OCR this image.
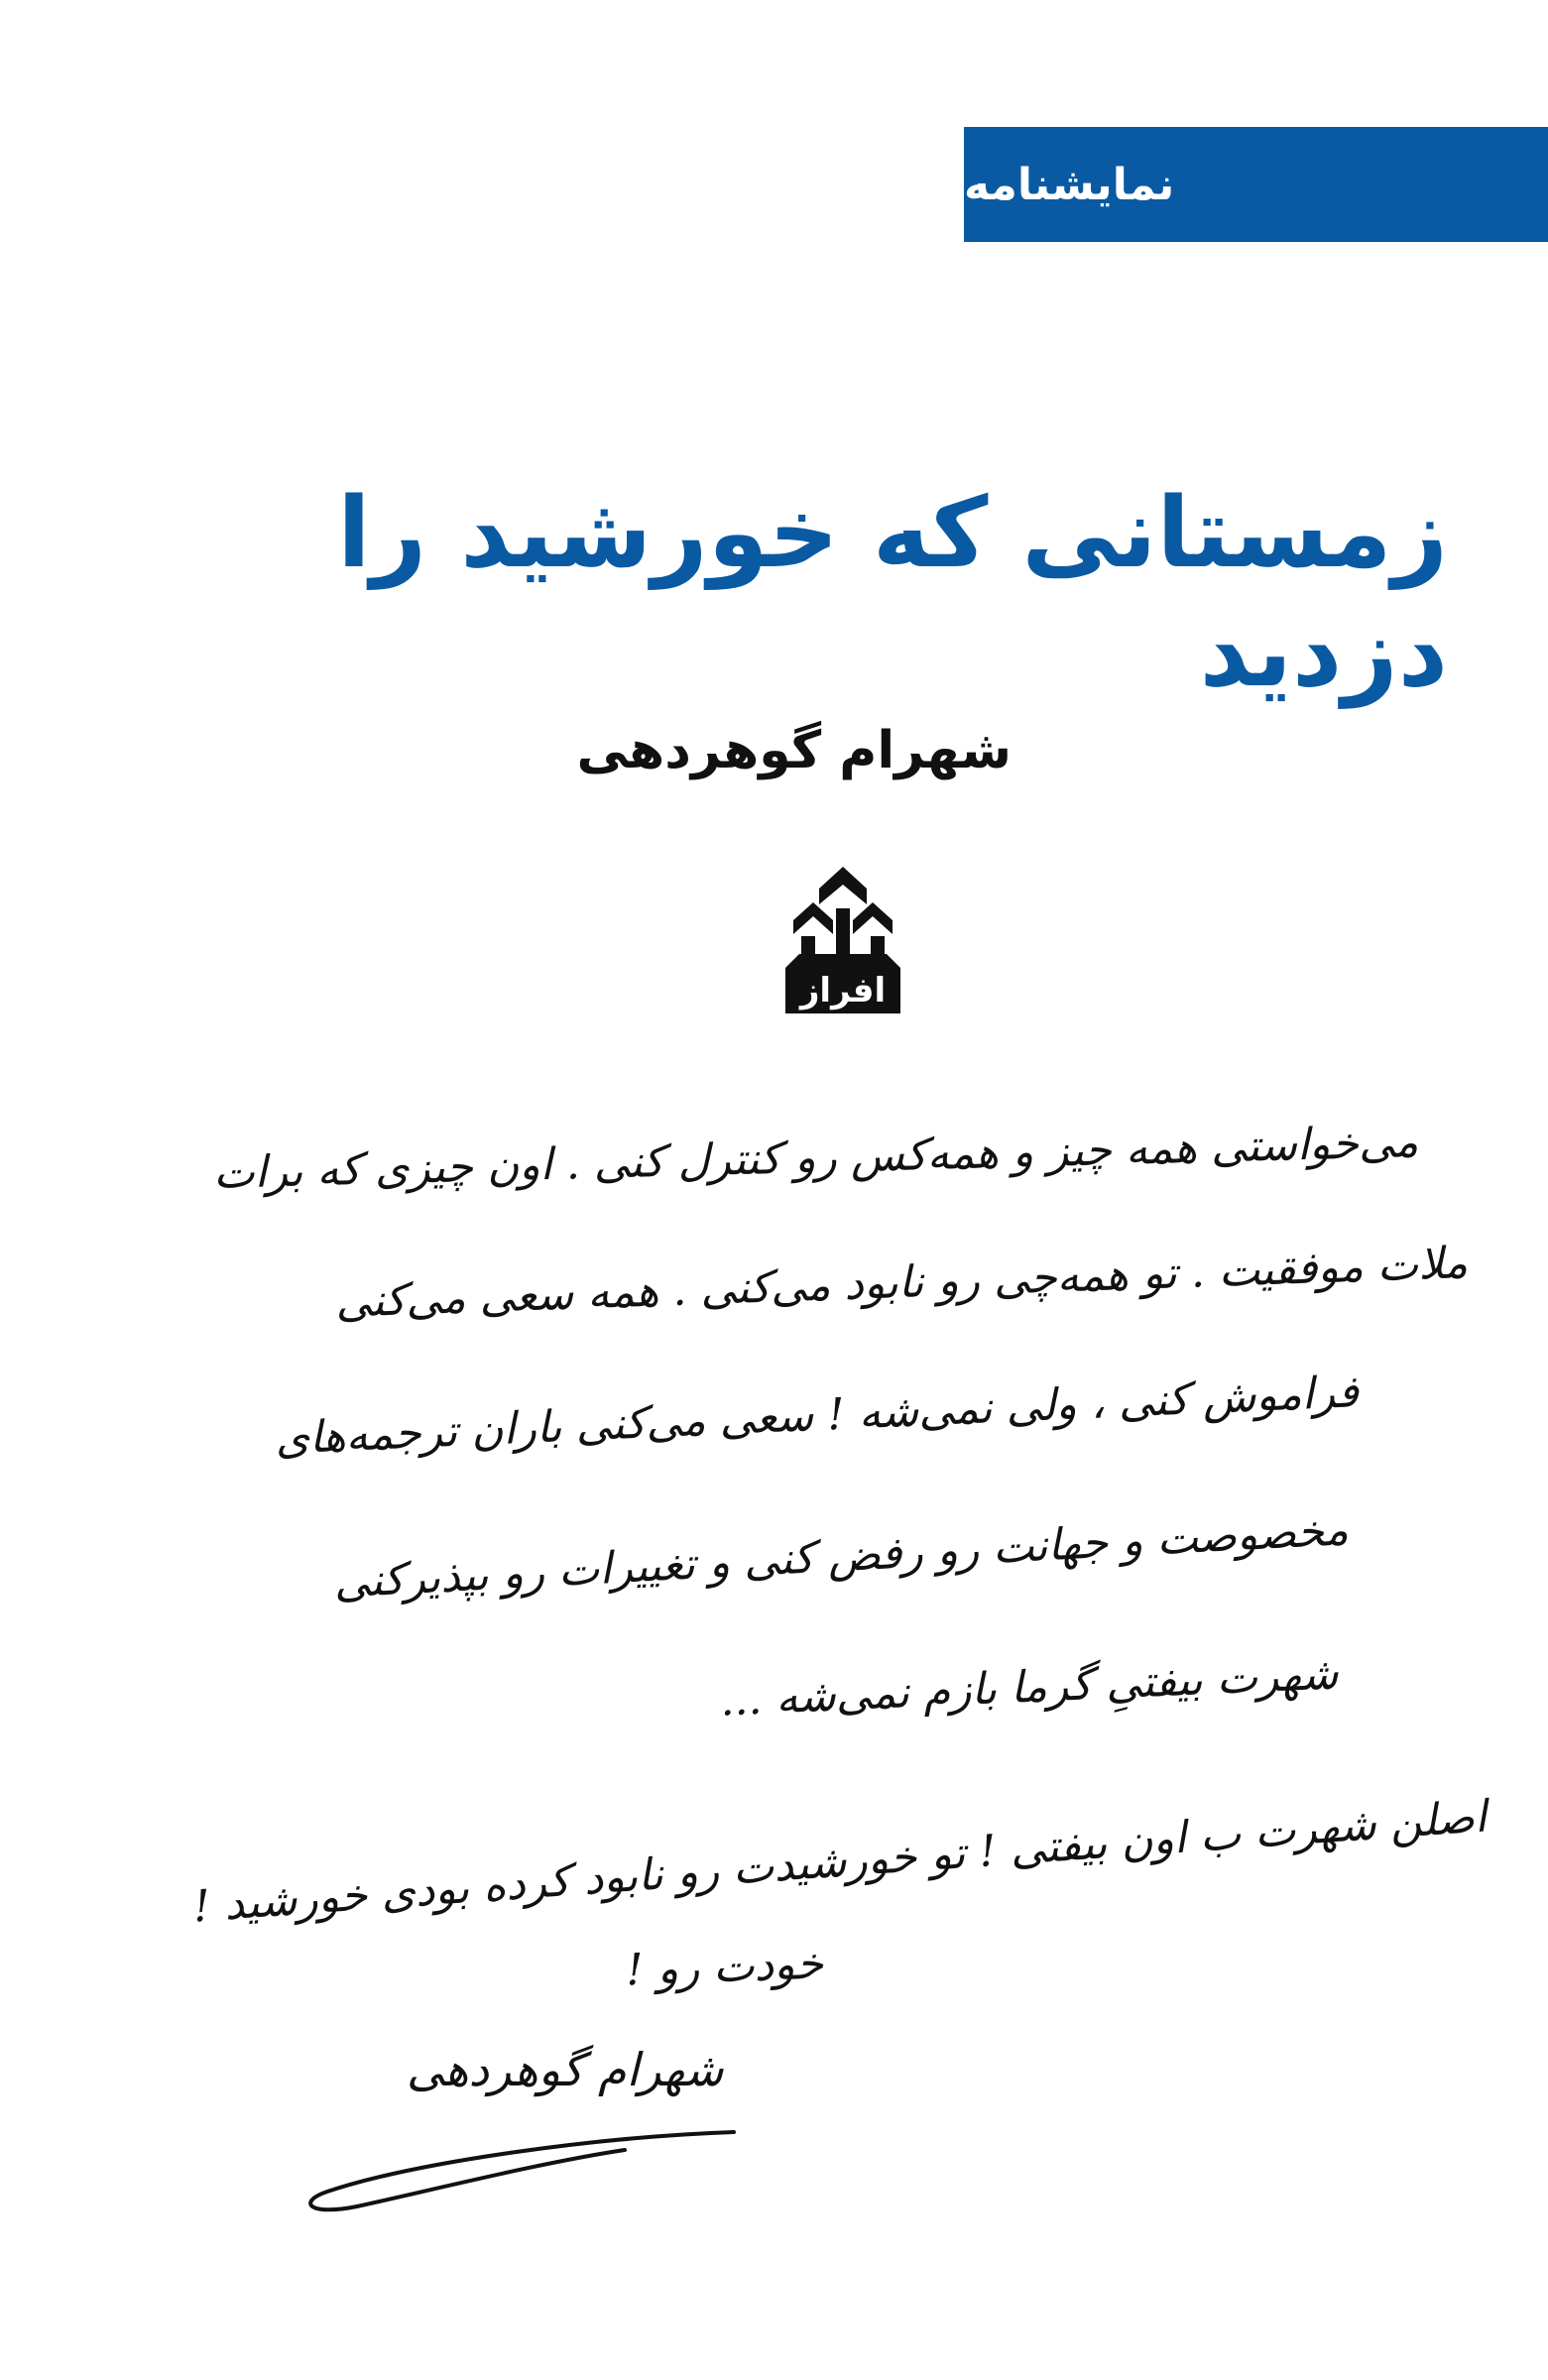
نمایشنامه
زمستانی که خورشید را دزدید
شهرام گوهردهی
افراز
می‌خواستی همه چیز و همه‌کس رو کنترل کنی . اون چیزی که برات
ملات موفقیت . تو همه‌چی رو نابود می‌کنی . همه سعی می‌کنی
فراموش کنی ، ولی نمی‌شه ! سعی می‌کنی باران ترجمه‌های
مخصوصت و جهانت رو رفض کنی و تغییرات رو بپذیرکنی
شهرت بیفتیِ گرما بازم نمی‌شه ...
اصلن شهرت ب اون بیفتی ! تو خورشیدت رو نابود کرده بودی خورشید !
خودت رو !
شهرام گوهردهی
